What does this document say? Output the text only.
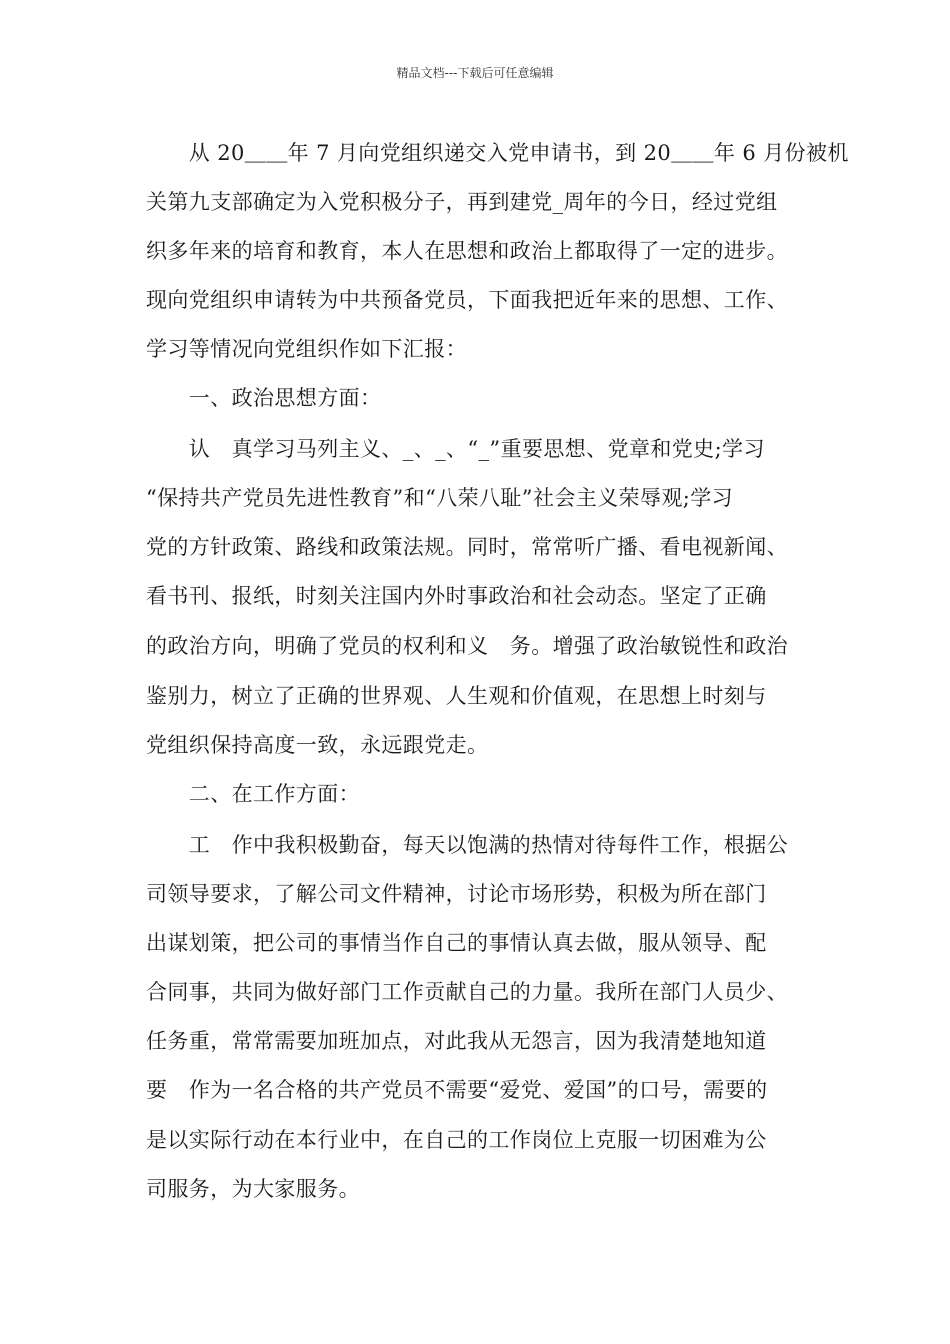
精品文档---下载后可任意编辑
　　从 20＿＿年 7 月向党组织递交入党申请书，到 20＿＿年 6 月份被机
关第九支部确定为入党积极分子，再到建党_周年的今日，经过党组
织多年来的培育和教育，本人在思想和政治上都取得了一定的进步。
现向党组织申请转为中共预备党员，下面我把近年来的思想、工作、
学习等情况向党组织作如下汇报：
　　一、政治思想方面：
　　认　真学习马列主义、_、_、“_”重要思想、党章和党史;学习
“保持共产党员先进性教育”和“八荣八耻”社会主义荣辱观;学习
党的方针政策、路线和政策法规。同时，常常听广播、看电视新闻、
看书刊、报纸，时刻关注国内外时事政治和社会动态。坚定了正确
的政治方向，明确了党员的权利和义　务。增强了政治敏锐性和政治
鉴别力，树立了正确的世界观、人生观和价值观，在思想上时刻与
党组织保持高度一致，永远跟党走。
　　二、在工作方面：
　　工　作中我积极勤奋，每天以饱满的热情对待每件工作，根据公
司领导要求，了解公司文件精神，讨论市场形势，积极为所在部门
出谋划策，把公司的事情当作自己的事情认真去做，服从领导、配
合同事，共同为做好部门工作贡献自己的力量。我所在部门人员少、
任务重，常常需要加班加点，对此我从无怨言，因为我清楚地知道
要　作为一名合格的共产党员不需要“爱党、爱国”的口号，需要的
是以实际行动在本行业中，在自己的工作岗位上克服一切困难为公
司服务，为大家服务。
